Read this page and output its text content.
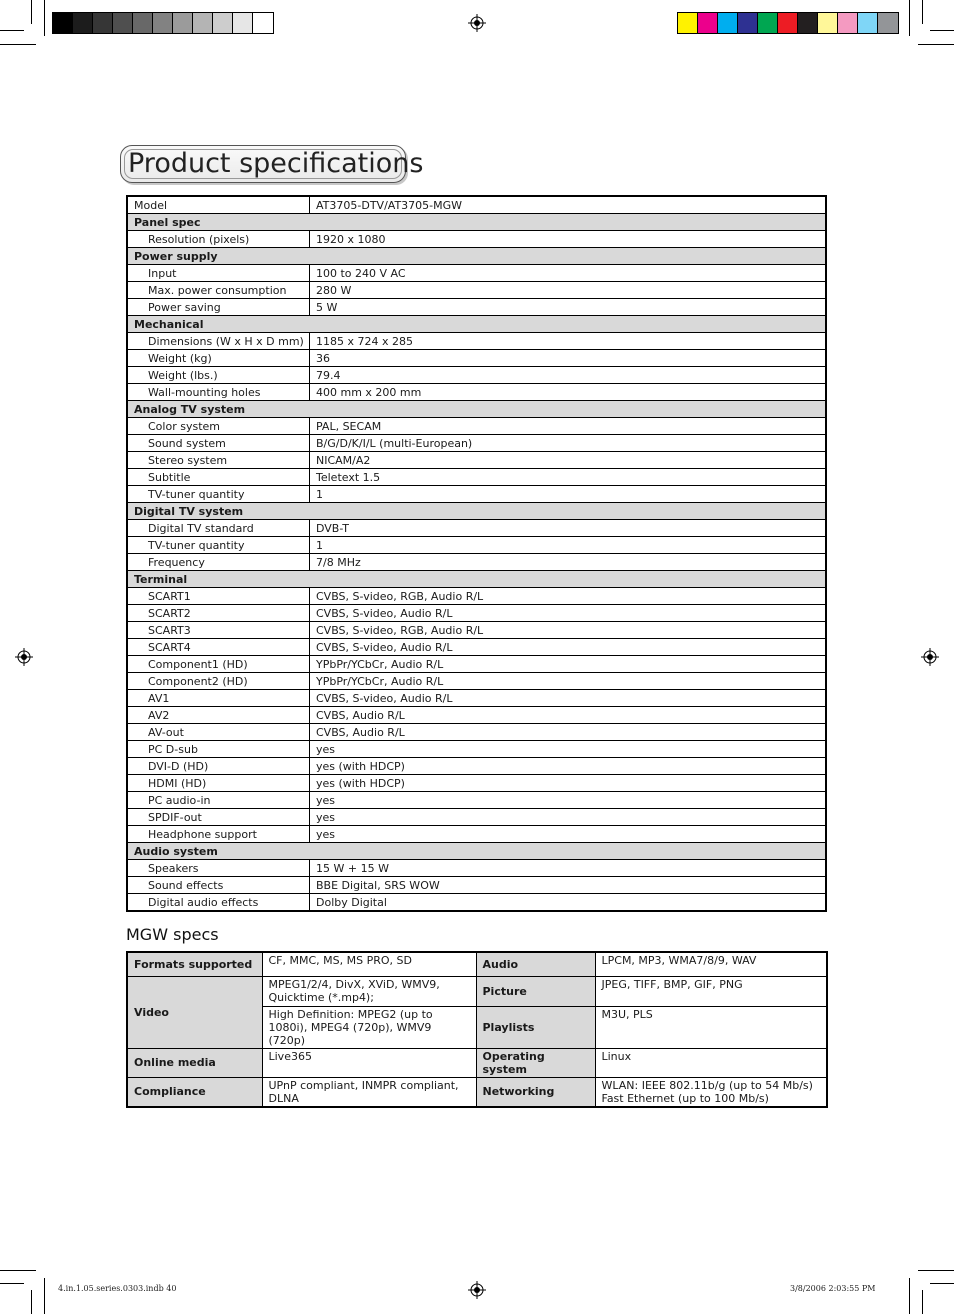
Product specifications
Model	AT3705-DTV/AT3705-MGW
Panel spec	
Resolution (pixels)	1920 x 1080
Power supply	
Input	100 to 240 V AC
Max. power consumption	280 W
Power saving	5 W
Mechanical	
Dimensions (W x H x D mm)	1185 x 724 x 285
Weight (kg)	36
Weight (lbs.)	79.4
Wall-mounting holes	400 mm x 200 mm
Analog TV system	
Color system	PAL, SECAM
Sound system	B/G/D/K/I/L (multi-European)
Stereo system	NICAM/A2
Subtitle	Teletext 1.5
TV-tuner quantity	1
Digital TV system	
Digital TV standard	DVB-T
TV-tuner quantity	1
Frequency	7/8 MHz
Terminal	
SCART1	CVBS, S-video, RGB, Audio R/L
SCART2	CVBS, S-video, Audio R/L
SCART3	CVBS, S-video, RGB, Audio R/L
SCART4	CVBS, S-video, Audio R/L
Component1 (HD)	YPbPr/YCbCr, Audio R/L
Component2 (HD)	YPbPr/YCbCr, Audio R/L
AV1	CVBS, S-video, Audio R/L
AV2	CVBS, Audio R/L
AV-out	CVBS, Audio R/L
PC D-sub	yes
DVI-D (HD)	yes (with HDCP)
HDMI (HD)	yes (with HDCP)
PC audio-in	yes
SPDIF-out	yes
Headphone support	yes
Audio system	
Speakers	15 W + 15 W
Sound effects	BBE Digital, SRS WOW
Digital audio effects	Dolby Digital
MGW specs
Formats supported	CF, MMC, MS, MS PRO, SD	Audio	LPCM, MP3, WMA7/8/9, WAV
Video	MPEG1/2/4, DivX, XViD, WMV9, Quicktime (*.mp4);	Picture	JPEG, TIFF, BMP, GIF, PNG
	High Definition: MPEG2 (up to 1080i), MPEG4 (720p), WMV9 (720p)	Playlists	M3U, PLS
Online media	Live365	Operating system	Linux
Compliance	UPnP compliant, INMPR compliant, DLNA	Networking	WLAN: IEEE 802.11b/g (up to 54 Mb/s)
Fast Ethernet (up to 100 Mb/s)
4.in.1.05.series.0303.indb 40	3/8/2006 2:03:55 PM
